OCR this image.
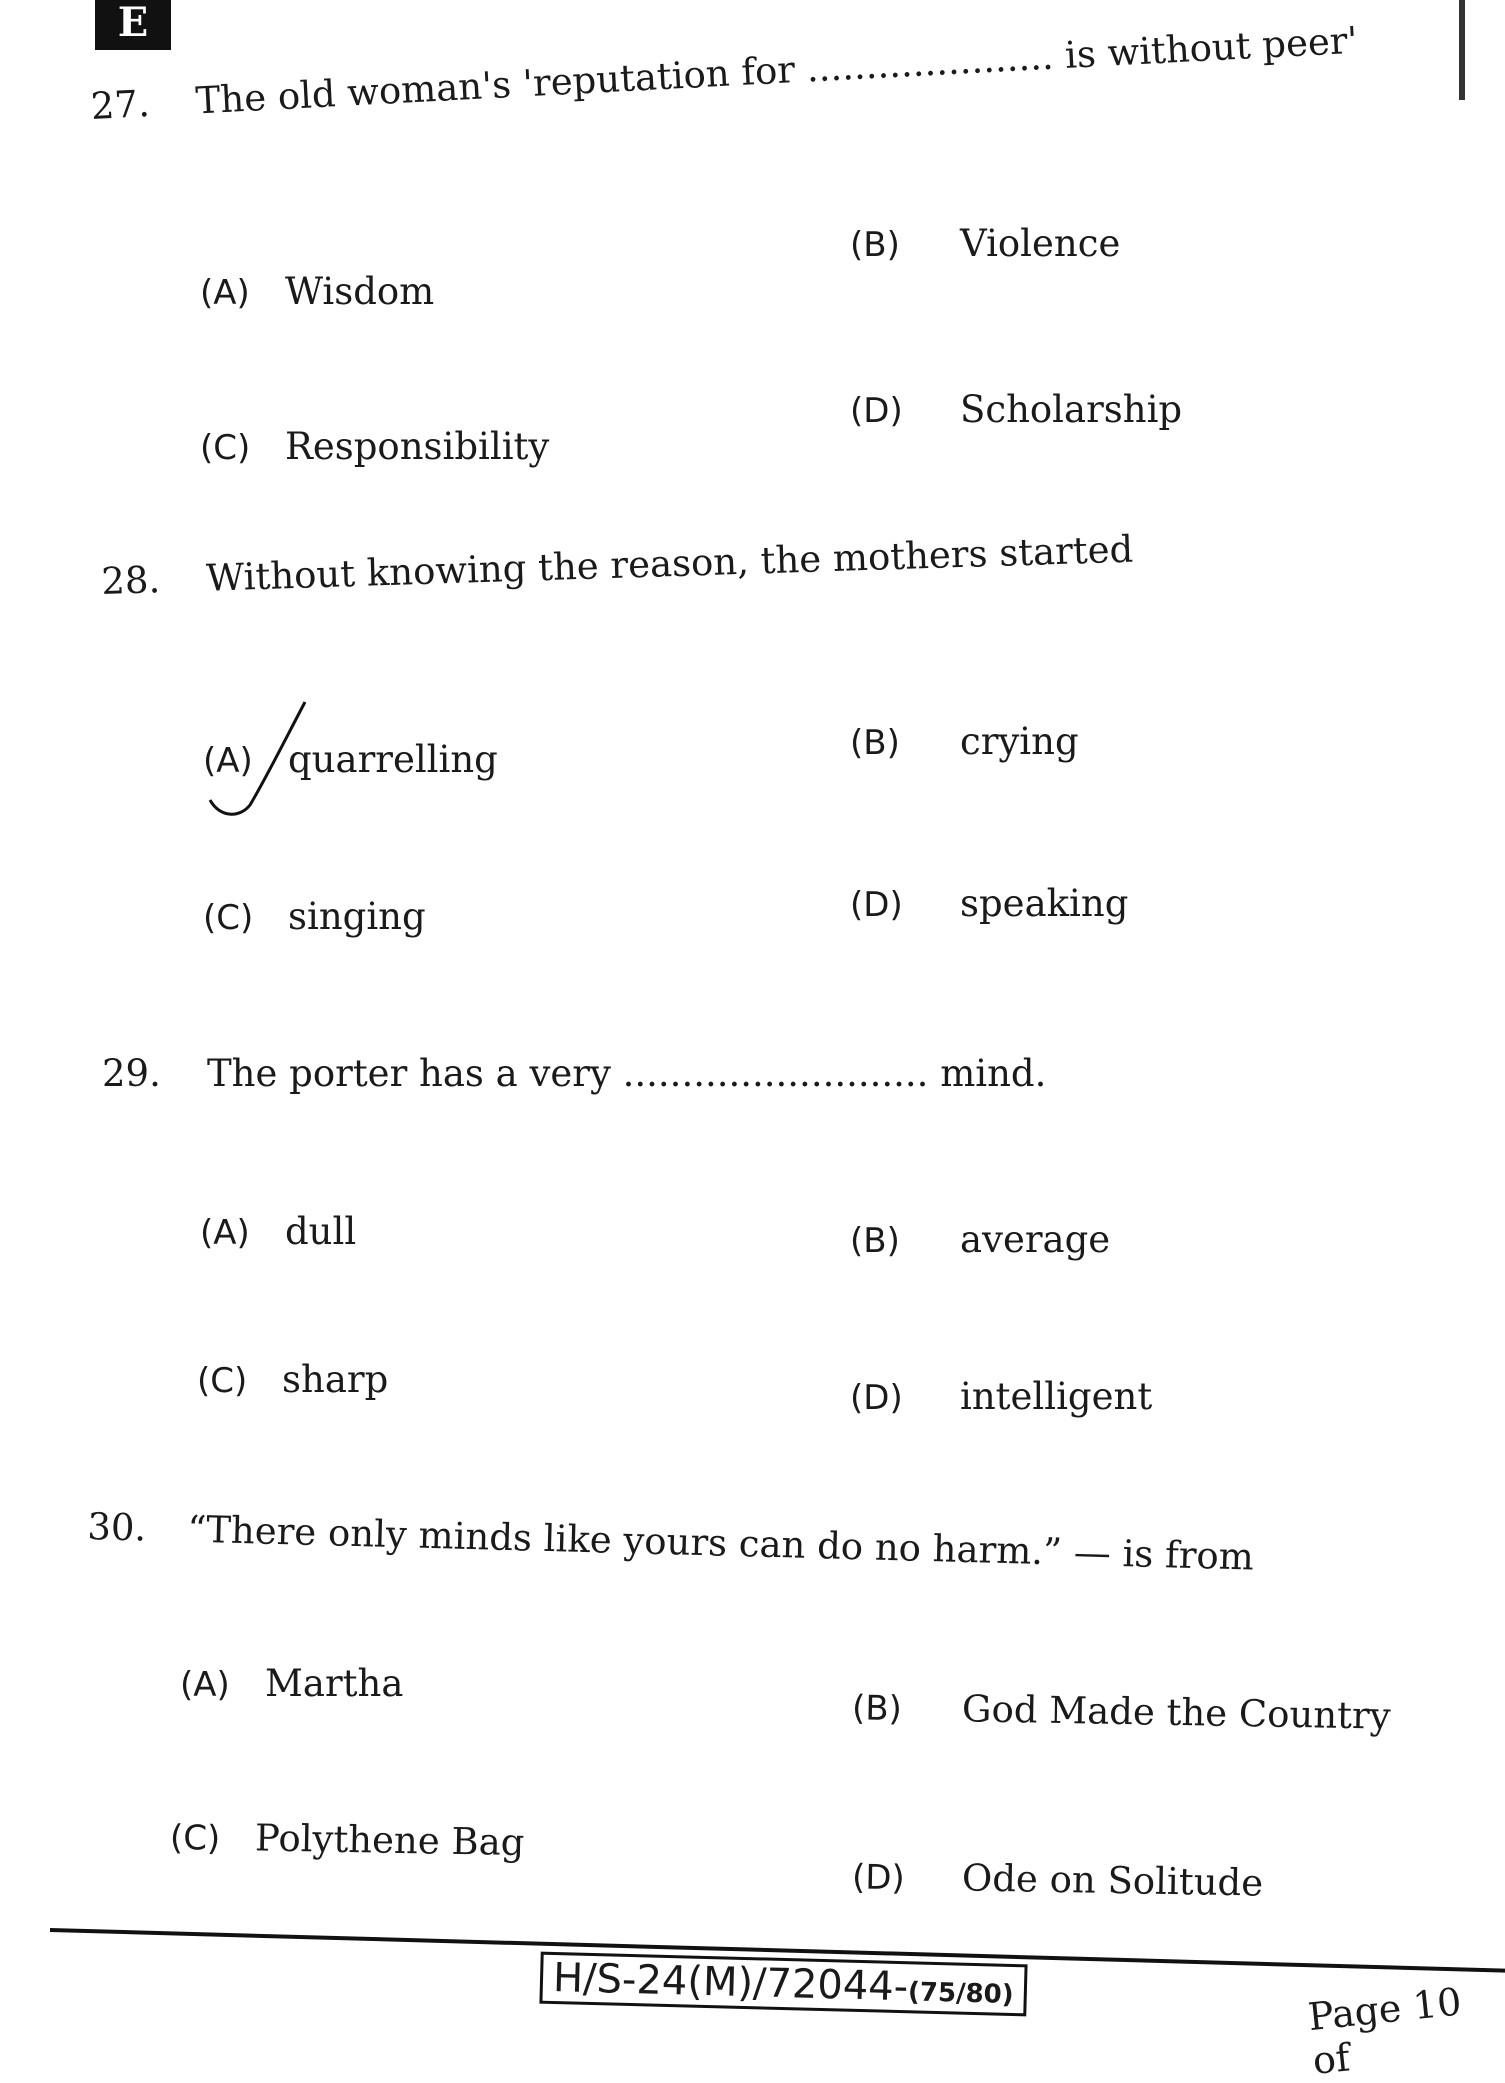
E
27. The old woman's 'reputation for ..................... is without peer'
(A) Wisdom
(B) Violence
(C) Responsibility
(D) Scholarship
28. Without knowing the reason, the mothers started
(A) quarrelling	(B) crying
(C) singing	(D) speaking
29. The porter has a very .......................... mind.
(A) dull	(B) average
(C) sharp	(D) intelligent
30. “There only minds like yours can do no harm.” — is from
(A) Martha
(B) God Made the Country
(C) Polythene Bag
(D) Ode on Solitude
H/S-24(M)/72044-(75/80)	Page 10 of
